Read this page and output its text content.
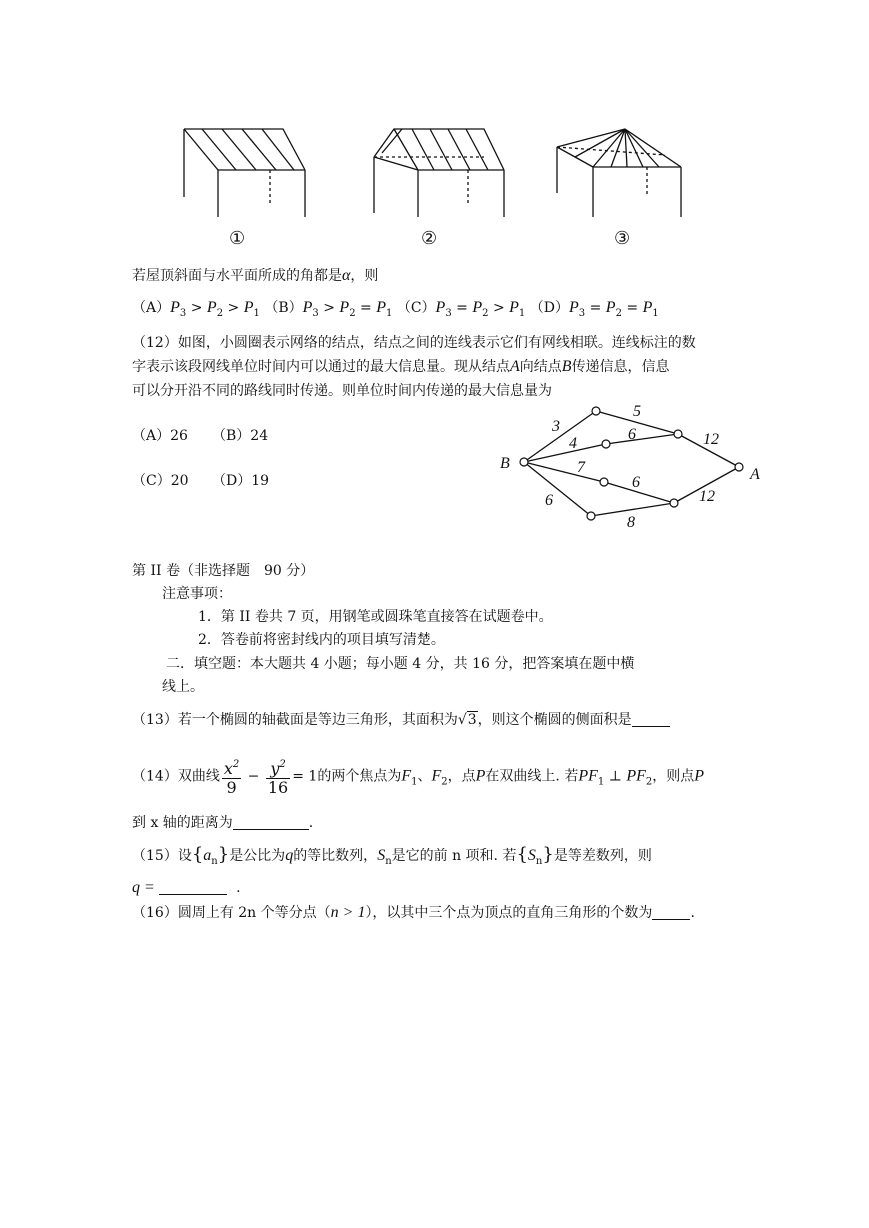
①	②	③
若屋顶斜面与水平面所成的角都是α，则
$(A)P_3 > P_2 > P_1$ $(B)P_3 > P_2 = P_1$ $(C)P_3 = P_2 > P_1$ $(D)P_3 = P_2 = P_1$
（12）如图，小圆圈表示网络的结点，结点之间的连线表示它们有网线相联。连线标注的数
字表示该段网线单位时间内可以通过的最大信息量。现从结点A向结点B传递信息，信息
可以分开沿不同的路线同时传递。则单位时间内传递的最大信息量为
（A）26 （B）24
（C）20 （D）19
B
A
3
5
4
6	12
7
6
12
6
8
第 II 卷（非选择题　90 分）
注意事项：
1．第 II 卷共 7 页，用钢笔或圆珠笔直接答在试题卷中。
2．答卷前将密封线内的项目填写清楚。
二．填空题：本大题共 4 小题；每小题 4 分，共 16 分，把答案填在题中横
线上。
（13）若一个椭圆的轴截面是等边三角形，其面积为√3，则这个椭圆的侧面积是
（14）双曲线 $\frac{x^2}{9} - \frac{y^2}{16} = 1$的两个焦点为$F_1$、$F_2$，点P在双曲线上. 若$PF_1$ ⊥ $PF_2$，则点P
到 x 轴的距离为	.
（15）设$\{a_n\}$是公比为q的等比数列，$S_n$是它的前 n 项和. 若$\{S_n\}$是等差数列，则
q =	.
（16）圆周上有 2n 个等分点（n > 1），以其中三个点为顶点的直角三角形的个数为	.
